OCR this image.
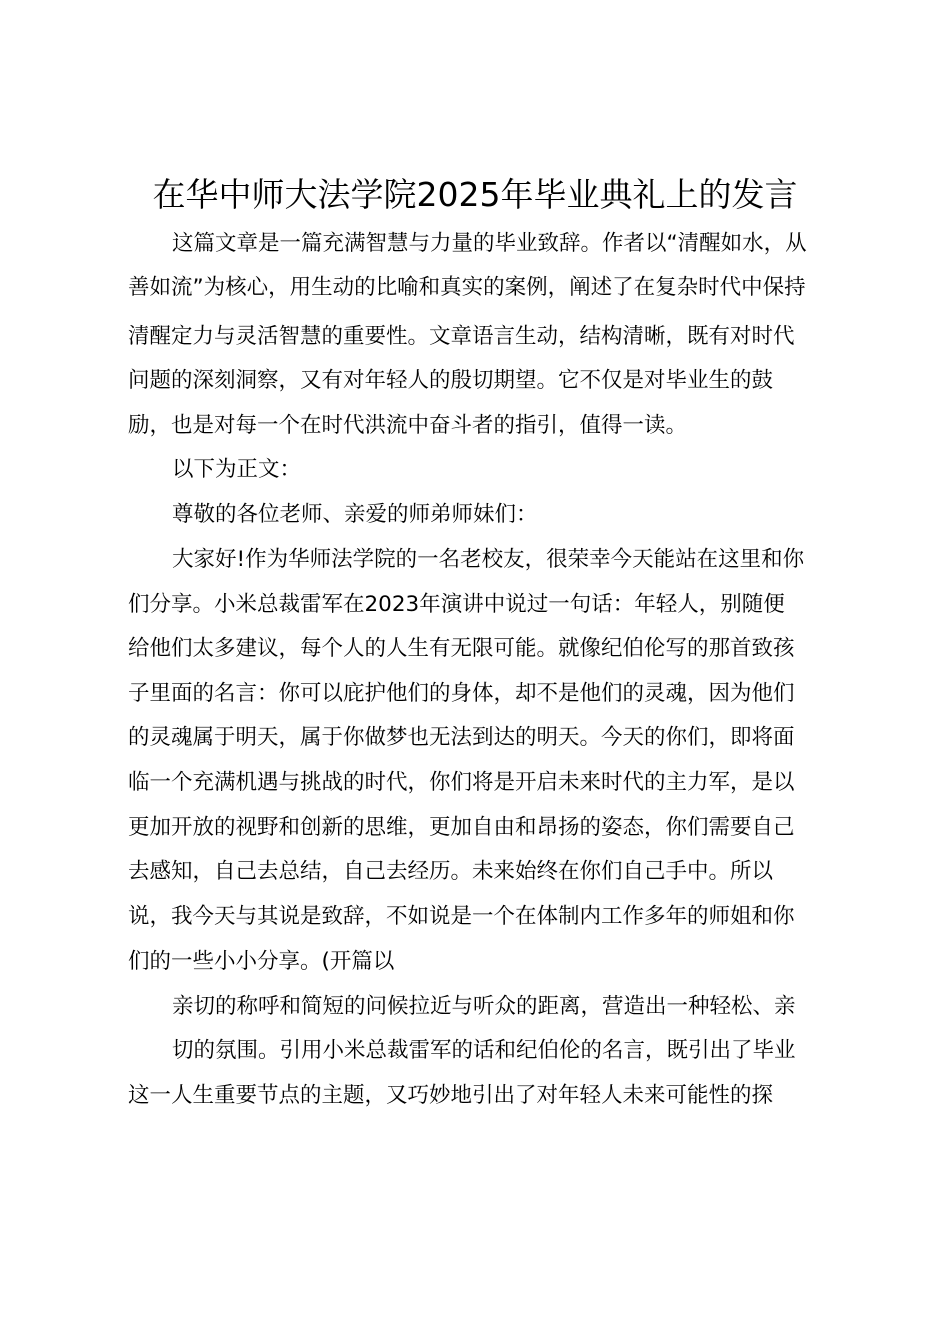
在华中师大法学院2025年毕业典礼上的发言

这篇文章是一篇充满智慧与力量的毕业致辞。作者以“清醒如水，从

善如流”为核心，用生动的比喻和真实的案例，阐述了在复杂时代中保持

清醒定力与灵活智慧的重要性。文章语言生动，结构清晰，既有对时代

问题的深刻洞察，又有对年轻人的殷切期望。它不仅是对毕业生的鼓

励，也是对每一个在时代洪流中奋斗者的指引，值得一读。

以下为正文：

尊敬的各位老师、亲爱的师弟师妹们：

大家好!作为华师法学院的一名老校友，很荣幸今天能站在这里和你

们分享。小米总裁雷军在2023年演讲中说过一句话：年轻人，别随便

给他们太多建议，每个人的人生有无限可能。就像纪伯伦写的那首致孩

子里面的名言：你可以庇护他们的身体，却不是他们的灵魂，因为他们

的灵魂属于明天，属于你做梦也无法到达的明天。今天的你们，即将面

临一个充满机遇与挑战的时代，你们将是开启未来时代的主力军，是以

更加开放的视野和创新的思维，更加自由和昂扬的姿态，你们需要自己

去感知，自己去总结，自己去经历。未来始终在你们自己手中。所以

说，我今天与其说是致辞，不如说是一个在体制内工作多年的师姐和你

们的一些小小分享。(开篇以

亲切的称呼和简短的问候拉近与听众的距离，营造出一种轻松、亲

切的氛围。引用小米总裁雷军的话和纪伯伦的名言，既引出了毕业

这一人生重要节点的主题，又巧妙地引出了对年轻人未来可能性的探
